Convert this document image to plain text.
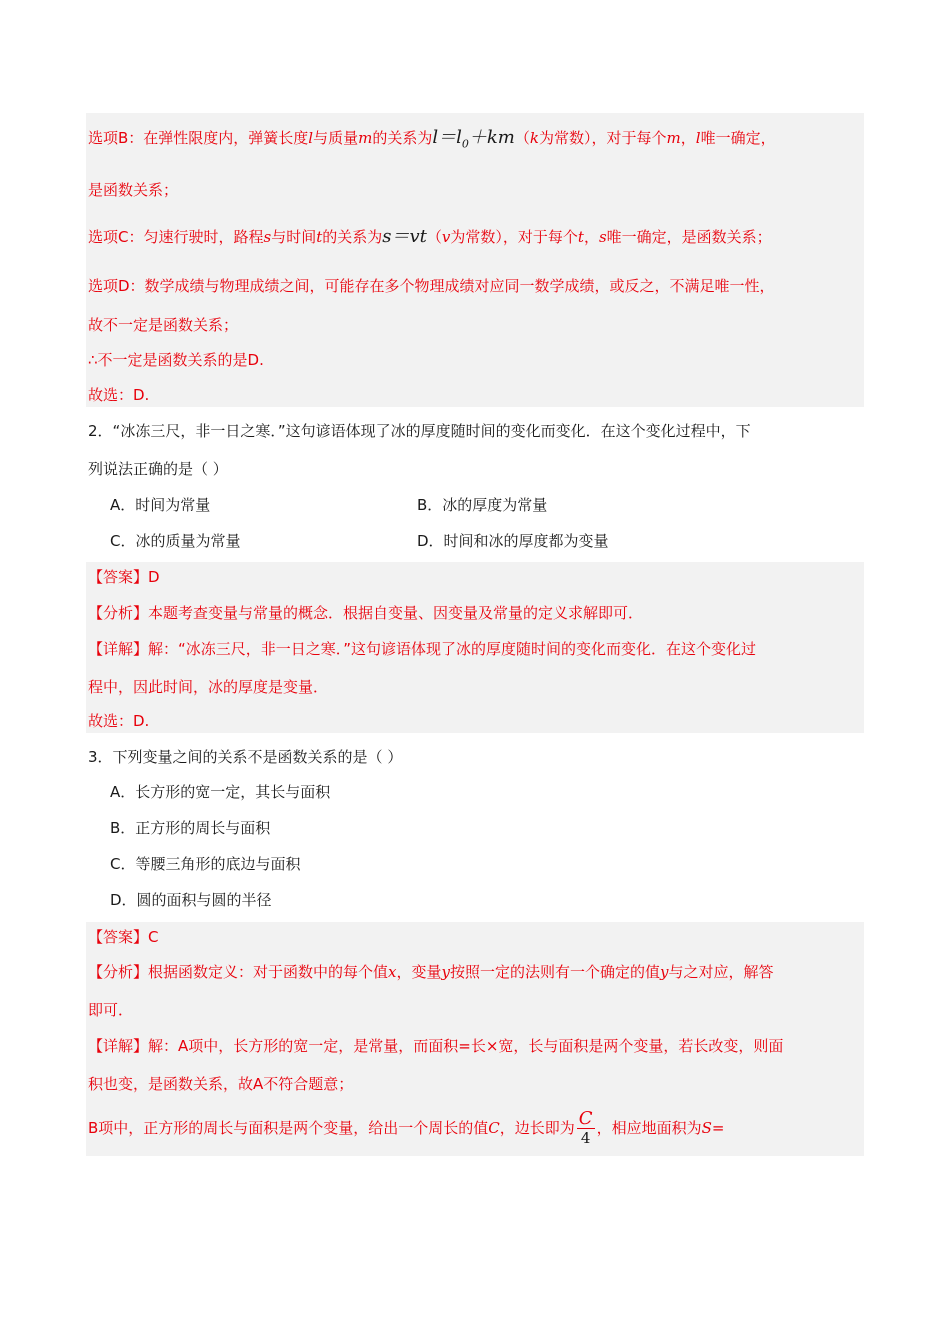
选项B：在弹性限度内，弹簧长度l与质量m的关系为$l=l_0+km(k$为常数），对于每个m，l唯一确定，
是函数关系；
选项C：匀速行驶时，路程s与时间t的关系为s＝vt（v为常数），对于每个t，s唯一确定，是函数关系；
选项D：数学成绩与物理成绩之间，可能存在多个物理成绩对应同一数学成绩，或反之，不满足唯一性，
故不一定是函数关系；
∴不一定是函数关系的是D.
故选：D.
2．“冰冻三尺，非一日之寒．”这句谚语体现了冰的厚度随时间的变化而变化．在这个变化过程中，下
列说法正确的是（ ）
A．时间为常量	B．冰的厚度为常量
C．冰的质量为常量	D．时间和冰的厚度都为变量
【答案】D
【分析】本题考查变量与常量的概念．根据自变量、因变量及常量的定义求解即可．
【详解】解：“冰冻三尺，非一日之寒．”这句谚语体现了冰的厚度随时间的变化而变化．在这个变化过
程中，因此时间，冰的厚度是变量．
故选：D.
3．下列变量之间的关系不是函数关系的是（ ）
A．长方形的宽一定，其长与面积
B．正方形的周长与面积
C．等腰三角形的底边与面积
D．圆的面积与圆的半径
【答案】C
【分析】根据函数定义：对于函数中的每个值x，变量y按照一定的法则有一个确定的值y与之对应，解答
即可．
【详解】解：A项中，长方形的宽一定，是常量，而面积=长×宽，长与面积是两个变量，若长改变，则面
积也变，是函数关系，故A不符合题意；
B项中，正方形的周长与面积是两个变量，给出一个周长的值C，边长即为 $\frac{C}{4}$ ，相应地面积为S=
